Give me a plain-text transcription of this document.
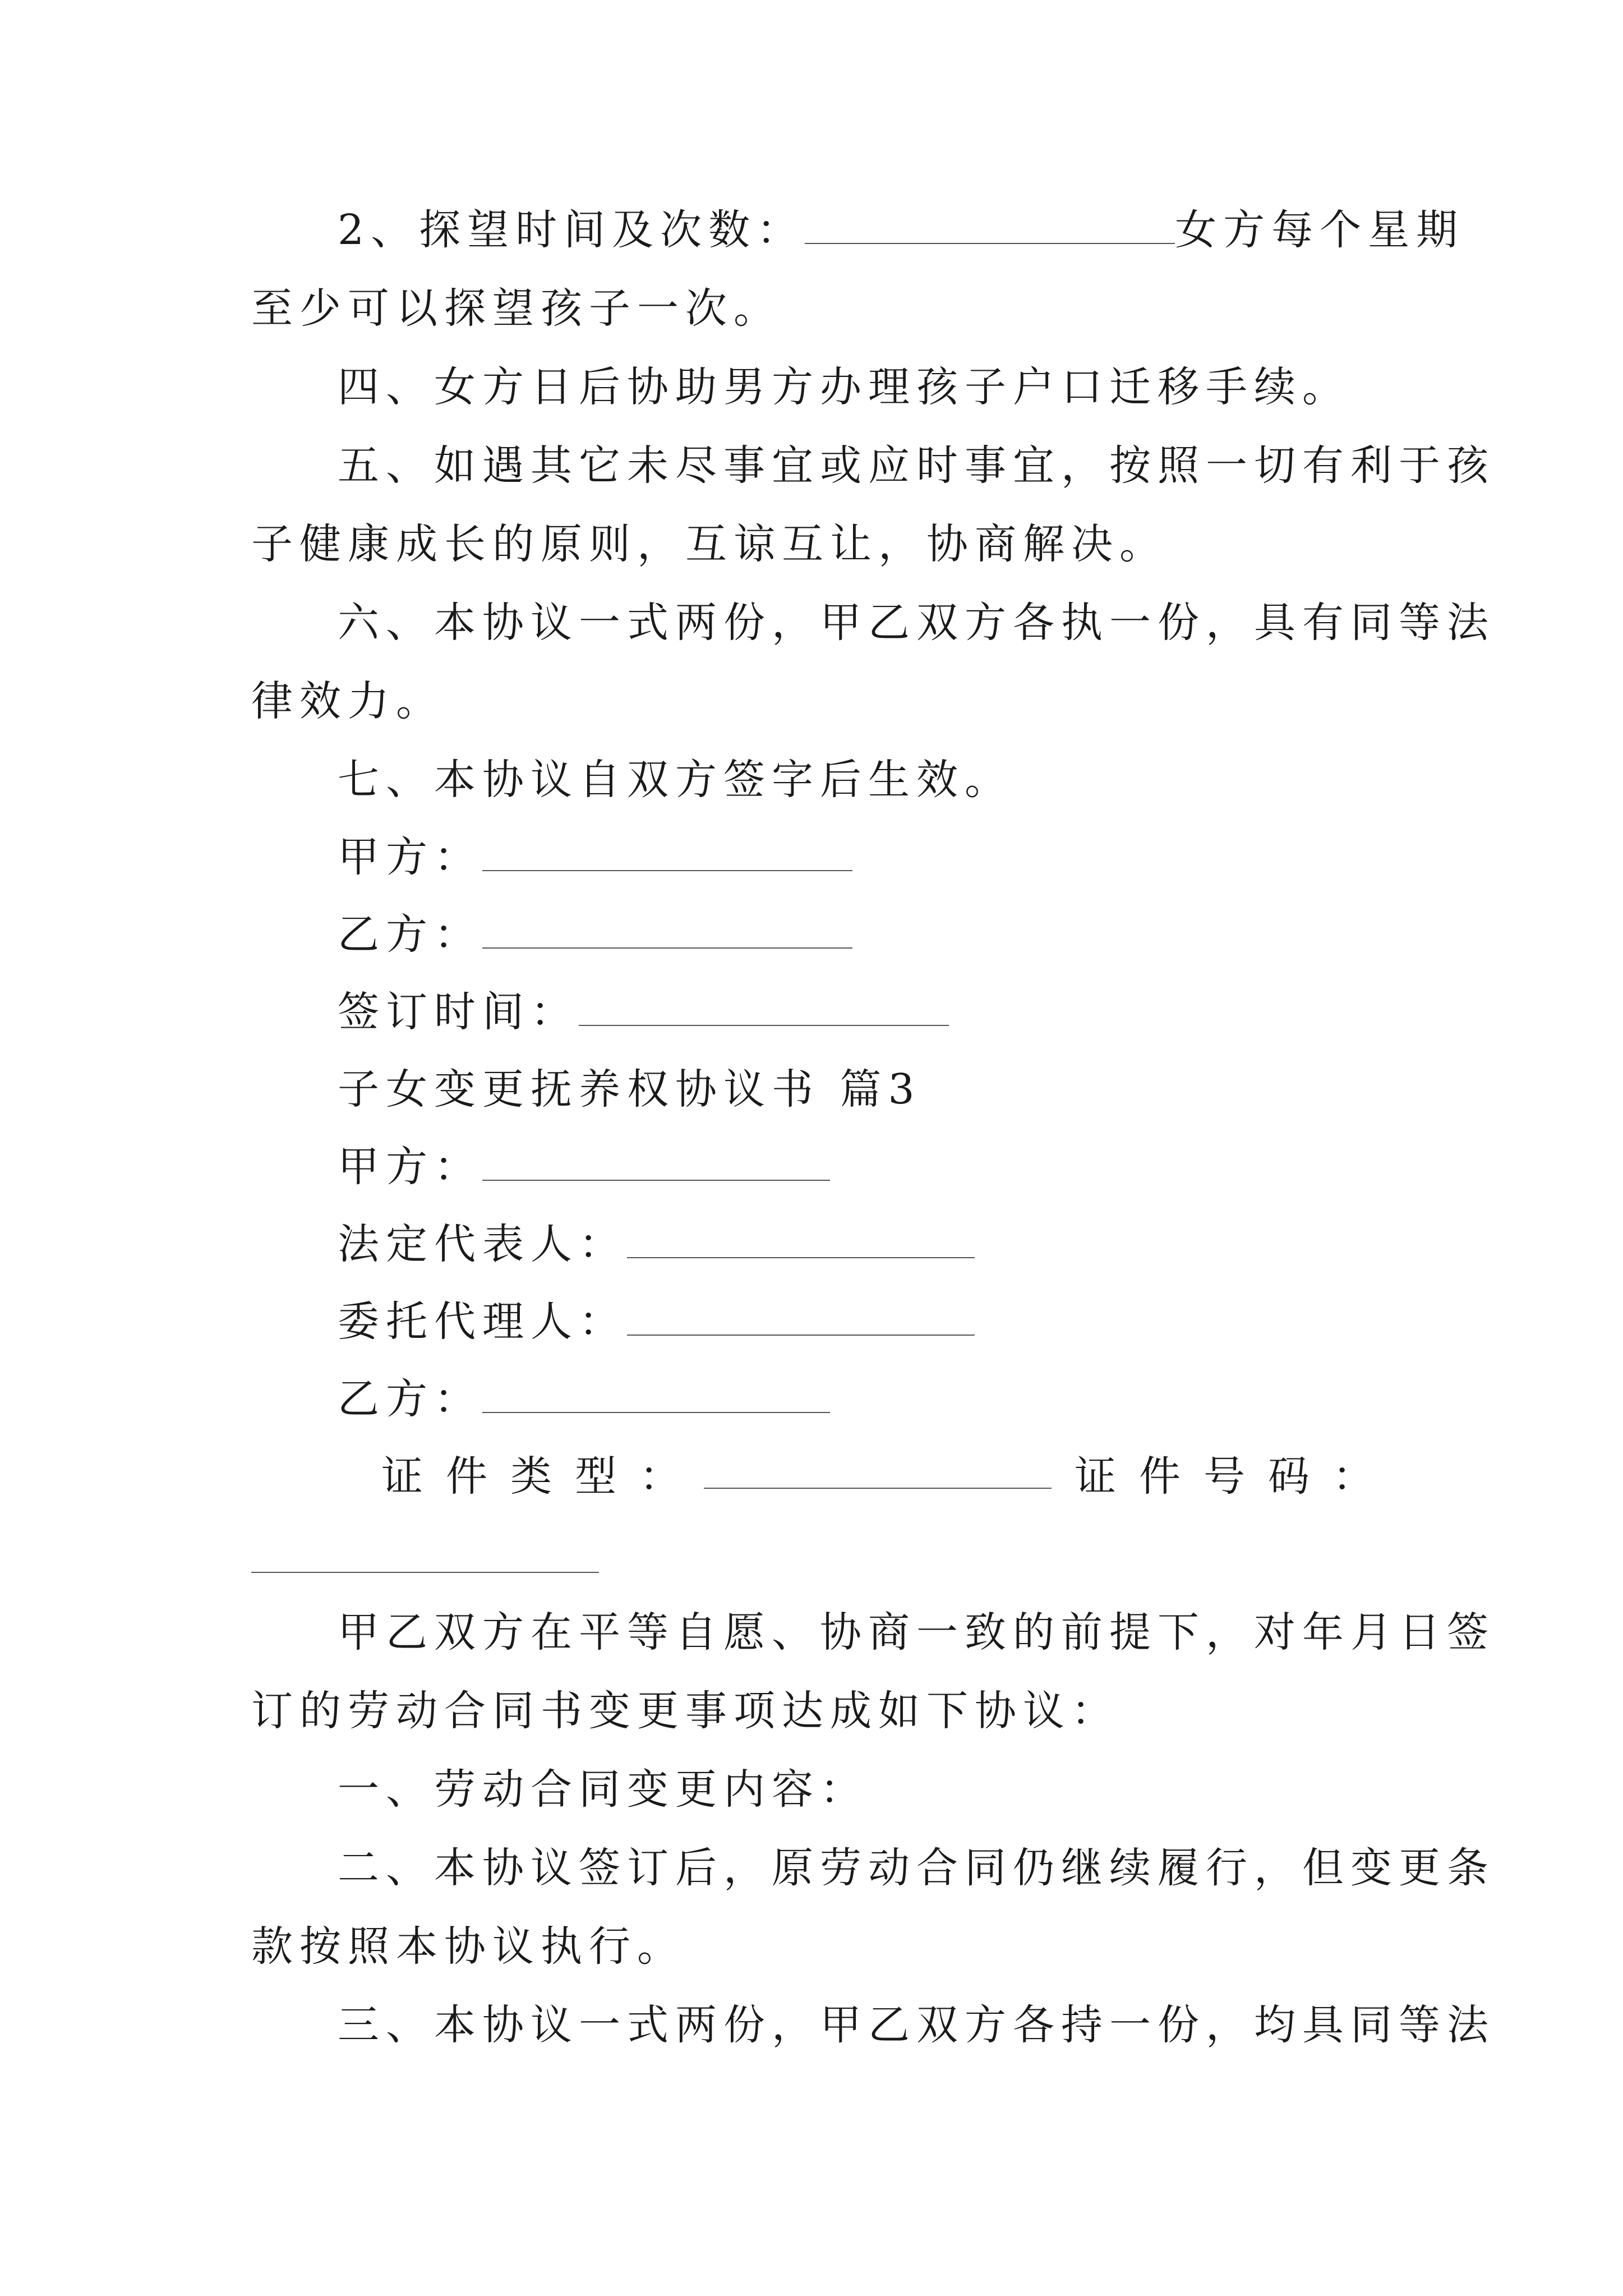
2、探望时间及次数：	女方每个星期
至少可以探望孩子一次。
四、女方日后协助男方办理孩子户口迁移手续。
五、如遇其它未尽事宜或应时事宜，按照一切有利于孩
子健康成长的原则，互谅互让，协商解决。
六、本协议一式两份，甲乙双方各执一份，具有同等法
律效力。
七、本协议自双方签字后生效。
甲方：
乙方：
签订时间：
子女变更抚养权协议书 篇3
甲方：
法定代表人：
委托代理人：
乙方：
证 件 类 型 ：	证 件 号 码 ：
甲乙双方在平等自愿、协商一致的前提下，对年月日签
订的劳动合同书变更事项达成如下协议：
一、劳动合同变更内容：
二、本协议签订后，原劳动合同仍继续履行，但变更条
款按照本协议执行。
三、本协议一式两份，甲乙双方各持一份，均具同等法
